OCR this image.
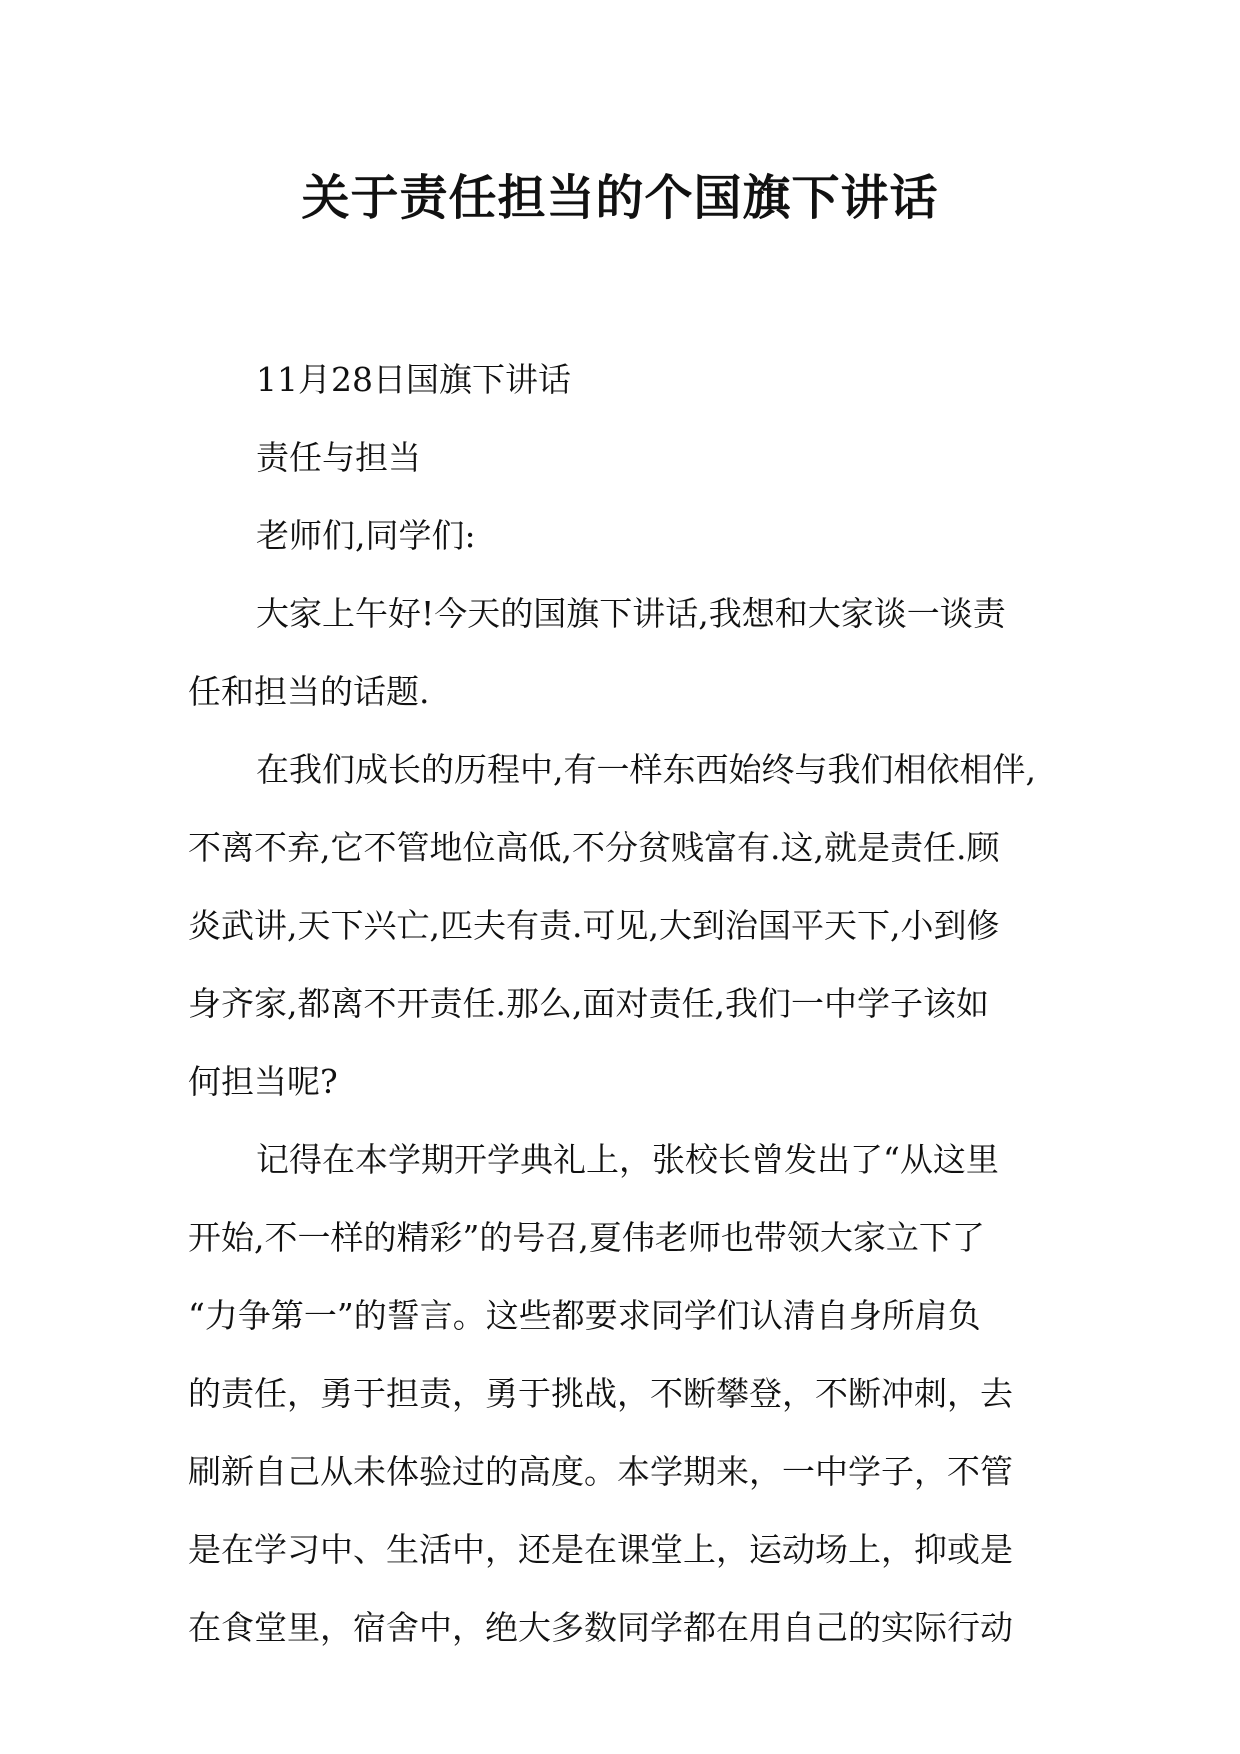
关于责任担当的个国旗下讲话

11月28日国旗下讲话

责任与担当

老师们,同学们:

大家上午好!今天的国旗下讲话,我想和大家谈一谈责

任和担当的话题.

在我们成长的历程中,有一样东西始终与我们相依相伴,

不离不弃,它不管地位高低,不分贫贱富有.这,就是责任.顾

炎武讲,天下兴亡,匹夫有责.可见,大到治国平天下,小到修

身齐家,都离不开责任.那么,面对责任,我们一中学子该如

何担当呢?

记得在本学期开学典礼上，张校长曾发出了“从这里

开始,不一样的精彩”的号召,夏伟老师也带领大家立下了

“力争第一”的誓言。这些都要求同学们认清自身所肩负

的责任，勇于担责，勇于挑战，不断攀登，不断冲刺，去

刷新自己从未体验过的高度。本学期来，一中学子，不管

是在学习中、生活中，还是在课堂上，运动场上，抑或是

在食堂里，宿舍中，绝大多数同学都在用自己的实际行动
